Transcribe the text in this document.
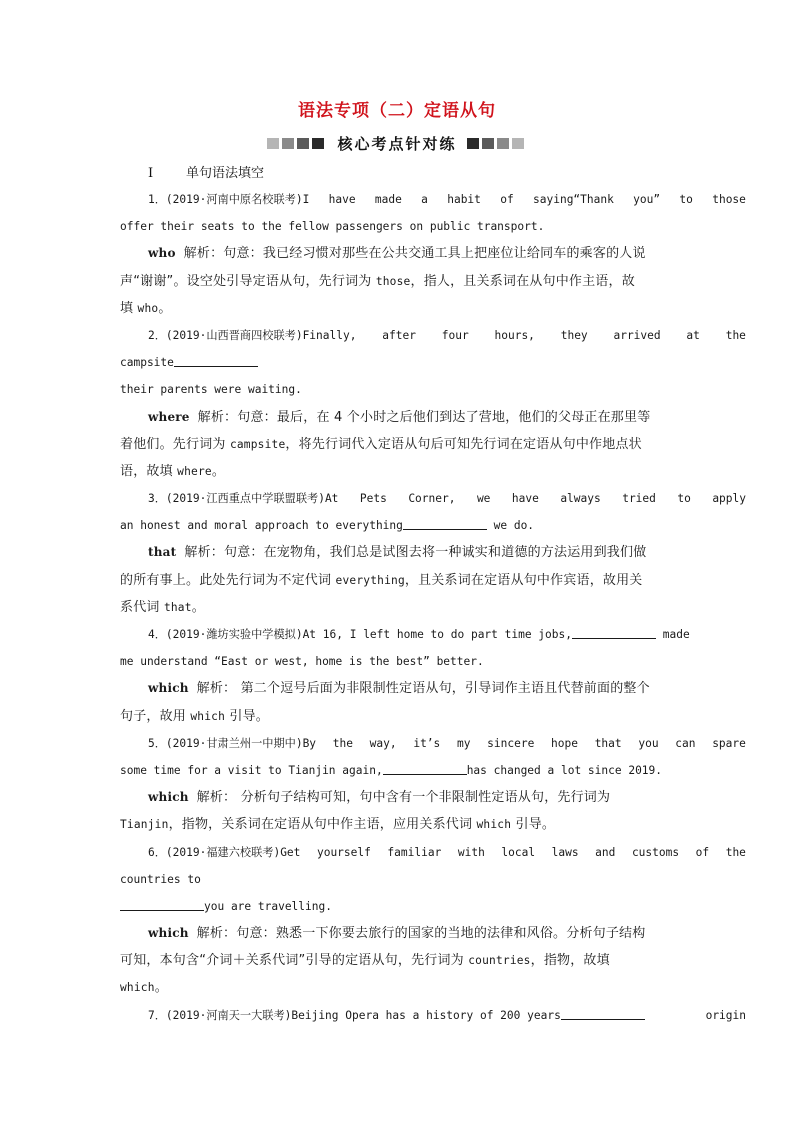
语法专项（二）定语从句
核心考点针对练
Ⅰ	单句语法填空
1．(2019·河南中原名校联考)I have made a habit of saying“Thank you” to those
offer their seats to the fellow passengers on public transport.
who 解析：句意：我已经习惯对那些在公共交通工具上把座位让给同车的乘客的人说
声“谢谢”。设空处引导定语从句，先行词为 those，指人，且关系词在从句中作主语，故
填 who。
2．(2019·山西晋商四校联考)Finally, after four hours, they arrived at the
campsite
their parents were waiting.
where 解析：句意：最后，在 4 个小时之后他们到达了营地，他们的父母正在那里等
着他们。先行词为 campsite，将先行词代入定语从句后可知先行词在定语从句中作地点状
语，故填 where。
3．(2019·江西重点中学联盟联考)At Pets Corner, we have always tried to apply
an honest and moral approach to everything	we do.
that 解析：句意：在宠物角，我们总是试图去将一种诚实和道德的方法运用到我们做
的所有事上。此处先行词为不定代词 everything，且关系词在定语从句中作宾语，故用关
系代词 that。
4．(2019·潍坊实验中学模拟)At 16, I left home to do part time jobs,	made
me understand “East or west, home is the best” better.
which 解析： 第二个逗号后面为非限制性定语从句，引导词作主语且代替前面的整个
句子，故用 which 引导。
5．(2019·甘肃兰州一中期中)By the way, it’s my sincere hope that you can spare
some time for a visit to Tianjin again,	has changed a lot since 2019.
which 解析： 分析句子结构可知，句中含有一个非限制性定语从句，先行词为
Tianjin，指物，关系词在定语从句中作主语，应用关系代词 which 引导。
6．(2019·福建六校联考)Get yourself familiar with local laws and customs of the
countries to
you are travelling.
which 解析：句意：熟悉一下你要去旅行的国家的当地的法律和风俗。分析句子结构
可知，本句含“介词＋关系代词”引导的定语从句，先行词为 countries，指物，故填
which。
7．(2019·河南天一大联考)Beijing Opera has a history of 200 years	origin
